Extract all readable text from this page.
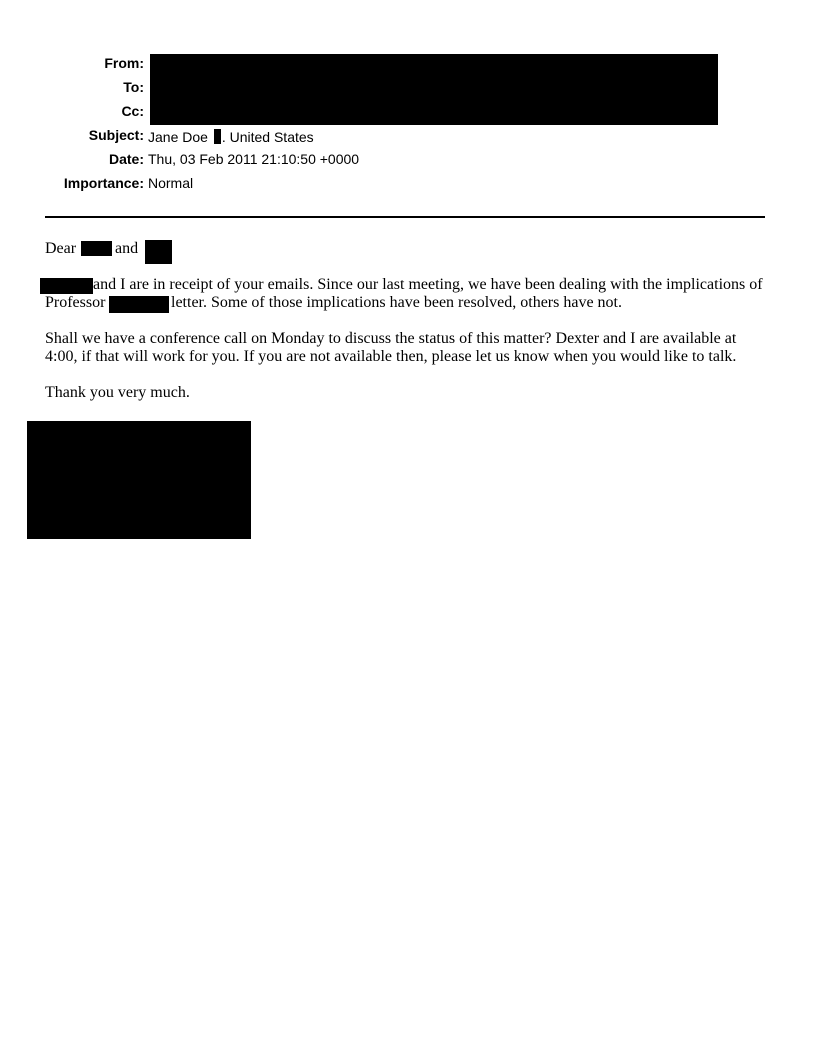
From:
To:
Cc:
Subject:
Date:
Importance:
Jane Doe . United States
Thu, 03 Feb 2011 21:10:50 +0000
Normal
Dear and
and I are in receipt of your emails. Since our last meeting, we have been dealing with the implications of
Professor	letter. Some of those implications have been resolved, others have not.
Shall we have a conference call on Monday to discuss the status of this matter? Dexter and I are available at
4:00, if that will work for you. If you are not available then, please let us know when you would like to talk.
Thank you very much.
